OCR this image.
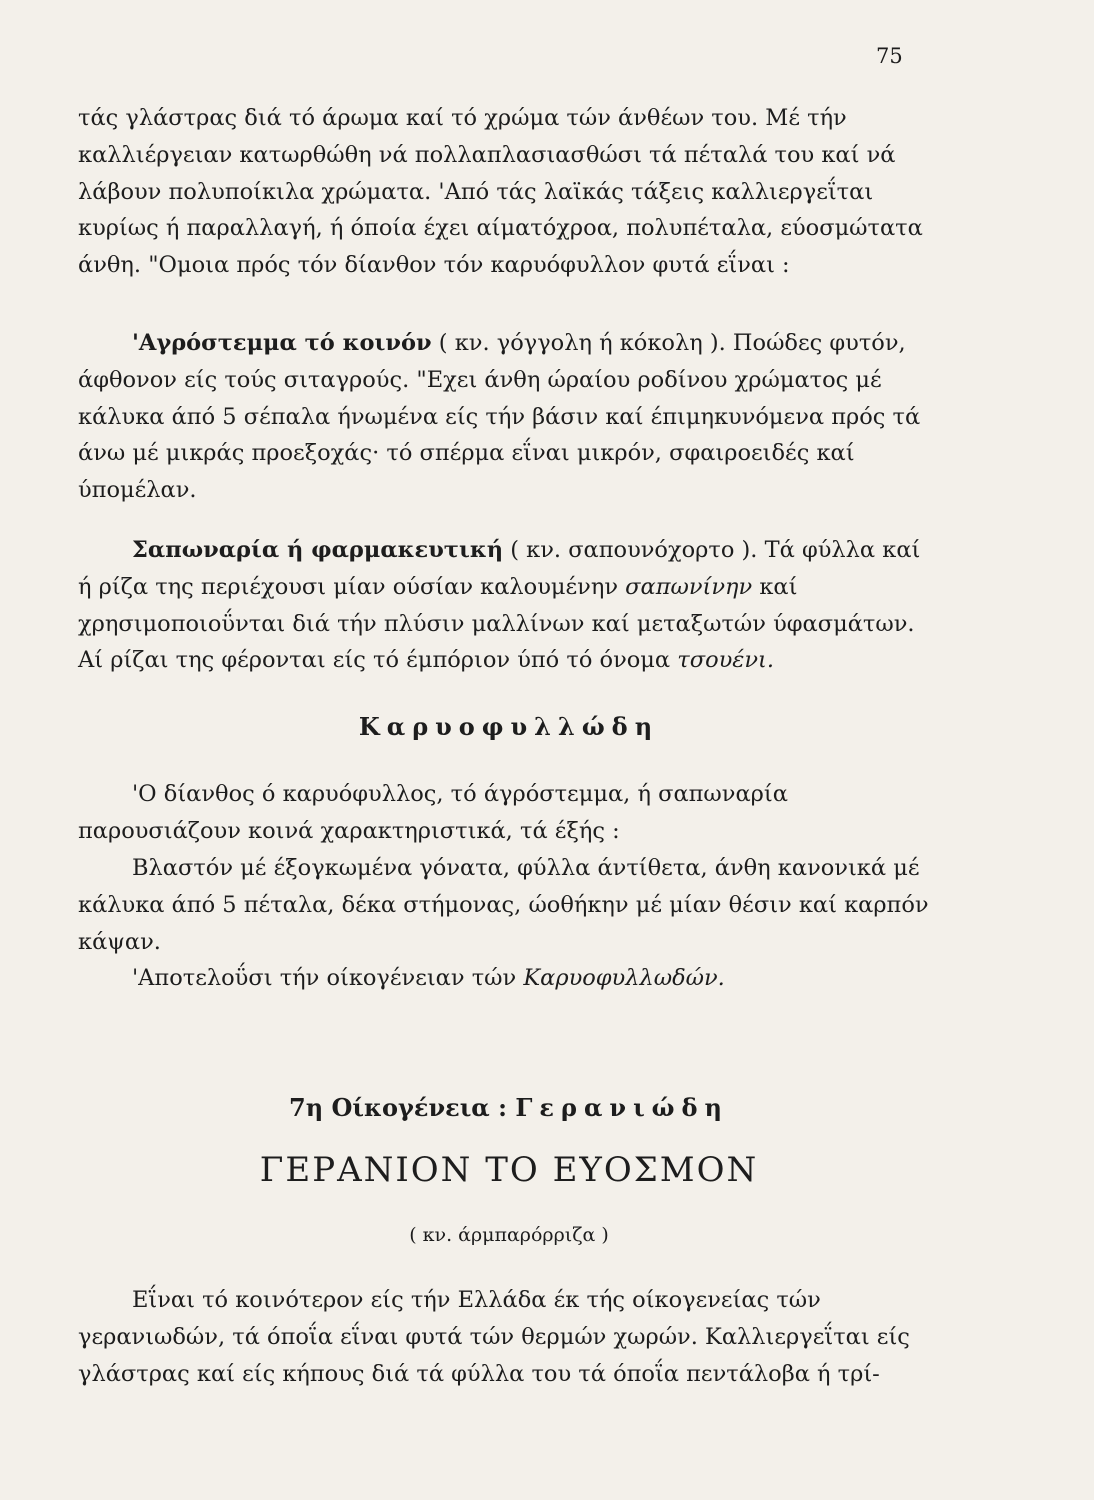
75

τάς γλάστρας διά τό άρωμα καί τό χρώμα τών άνθέων του. Μέ τήν καλλιέργειαν κατωρθώθη νά πολλαπλασιασθώσι τά πέταλά του καί νά λάβουν πολυποίκιλα χρώματα. 'Από τάς λαϊκάς τάξεις καλλιεργεΐται κυρίως ή παραλλαγή, ή όποία έχει αίματόχροα, πολυπέταλα, εύοσμώτατα άνθη. "Ομοια πρός τόν δίανθον τόν καρυόφυλλον φυτά εΐναι :

'Αγρόστεμμα τό κοινόν ( κν. γόγγολη ή κόκολη ). Ποώδες φυτόν, άφθονον είς τούς σιταγρούς. "Εχει άνθη ώραίου ροδίνου χρώματος μέ κάλυκα άπό 5 σέπαλα ήνωμένα είς τήν βάσιν καί έπιμηκυνόμενα πρός τά άνω μέ μικράς προεξοχάς· τό σπέρμα εΐναι μικρόν, σφαιροειδές καί ύπομέλαν.

Σαπωναρία ή φαρμακευτική ( κν. σαπουνόχορτο ). Τά φύλλα καί ή ρίζα της περιέχουσι μίαν ούσίαν καλουμένην σαπωνίνην καί χρησιμοποιοΰνται διά τήν πλύσιν μαλλίνων καί μεταξωτών ύφασμάτων. Αί ρίζαι της φέρονται είς τό έμπόριον ύπό τό όνομα τσουένι.

Καρυοφυλλώδη

'Ο δίανθος ό καρυόφυλλος, τό άγρόστεμμα, ή σαπωναρία παρουσιάζουν κοινά χαρακτηριστικά, τά έξής :

Βλαστόν μέ έξογκωμένα γόνατα, φύλλα άντίθετα, άνθη κανονικά μέ κάλυκα άπό 5 πέταλα, δέκα στήμονας, ώοθήκην μέ μίαν θέσιν καί καρπόν κάψαν.

'Αποτελοΰσι τήν οίκογένειαν τών Καρυοφυλλωδών.

7η Οίκογένεια : Γερανιώδη
ΓΕΡΑΝΙΟΝ ΤΟ ΕΥΟΣΜΟΝ
( κν. άρμπαρόρριζα )

Εΐναι τό κοινότερον είς τήν Ελλάδα έκ τής οίκογενείας τών γερανιωδών, τά όποΐα εΐναι φυτά τών θερμών χωρών. Καλλιεργεΐται είς γλάστρας καί είς κήπους διά τά φύλλα του τά όποΐα πεντάλοβα ή τρί-
